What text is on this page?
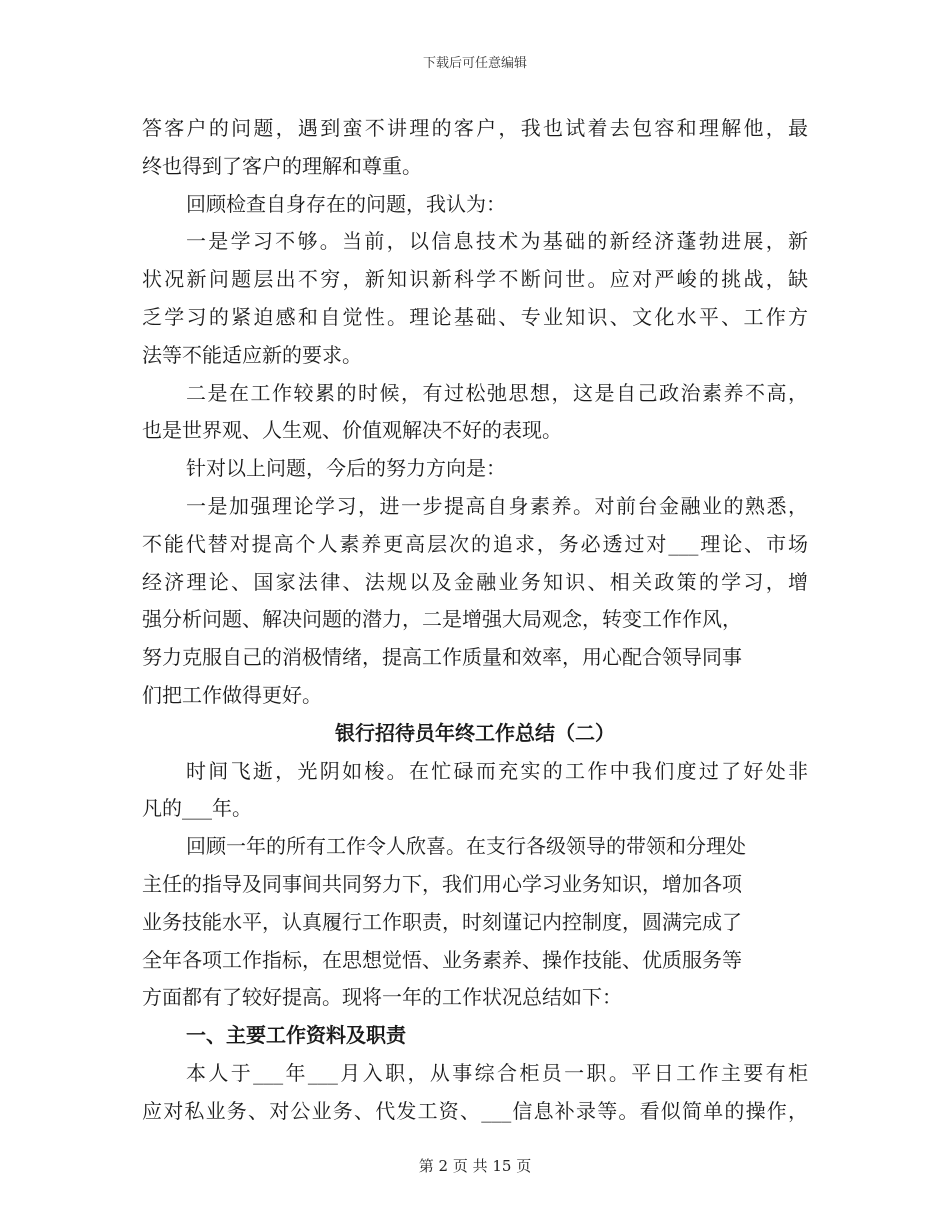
下载后可任意编辑
答客户的问题，遇到蛮不讲理的客户，我也试着去包容和理解他，最
终也得到了客户的理解和尊重。
回顾检查自身存在的问题，我认为：
一是学习不够。当前，以信息技术为基础的新经济蓬勃进展，新
状况新问题层出不穷，新知识新科学不断问世。应对严峻的挑战，缺
乏学习的紧迫感和自觉性。理论基础、专业知识、文化水平、工作方
法等不能适应新的要求。
二是在工作较累的时候，有过松弛思想，这是自己政治素养不高，
也是世界观、人生观、价值观解决不好的表现。
针对以上问题，今后的努力方向是：
一是加强理论学习，进一步提高自身素养。对前台金融业的熟悉，
不能代替对提高个人素养更高层次的追求，务必透过对___理论、市场
经济理论、国家法律、法规以及金融业务知识、相关政策的学习，增
强分析问题、解决问题的潜力，二是增强大局观念，转变工作作风，
努力克服自己的消极情绪，提高工作质量和效率，用心配合领导同事
们把工作做得更好。
银行招待员年终工作总结（二）
时间飞逝，光阴如梭。在忙碌而充实的工作中我们度过了好处非
凡的___年。
回顾一年的所有工作令人欣喜。在支行各级领导的带领和分理处
主任的指导及同事间共同努力下，我们用心学习业务知识，增加各项
业务技能水平，认真履行工作职责，时刻谨记内控制度，圆满完成了
全年各项工作指标，在思想觉悟、业务素养、操作技能、优质服务等
方面都有了较好提高。现将一年的工作状况总结如下：
一、主要工作资料及职责
本人于___年___月入职，从事综合柜员一职。平日工作主要有柜
应对私业务、对公业务、代发工资、___信息补录等。看似简单的操作，
第 2 页 共 15 页
